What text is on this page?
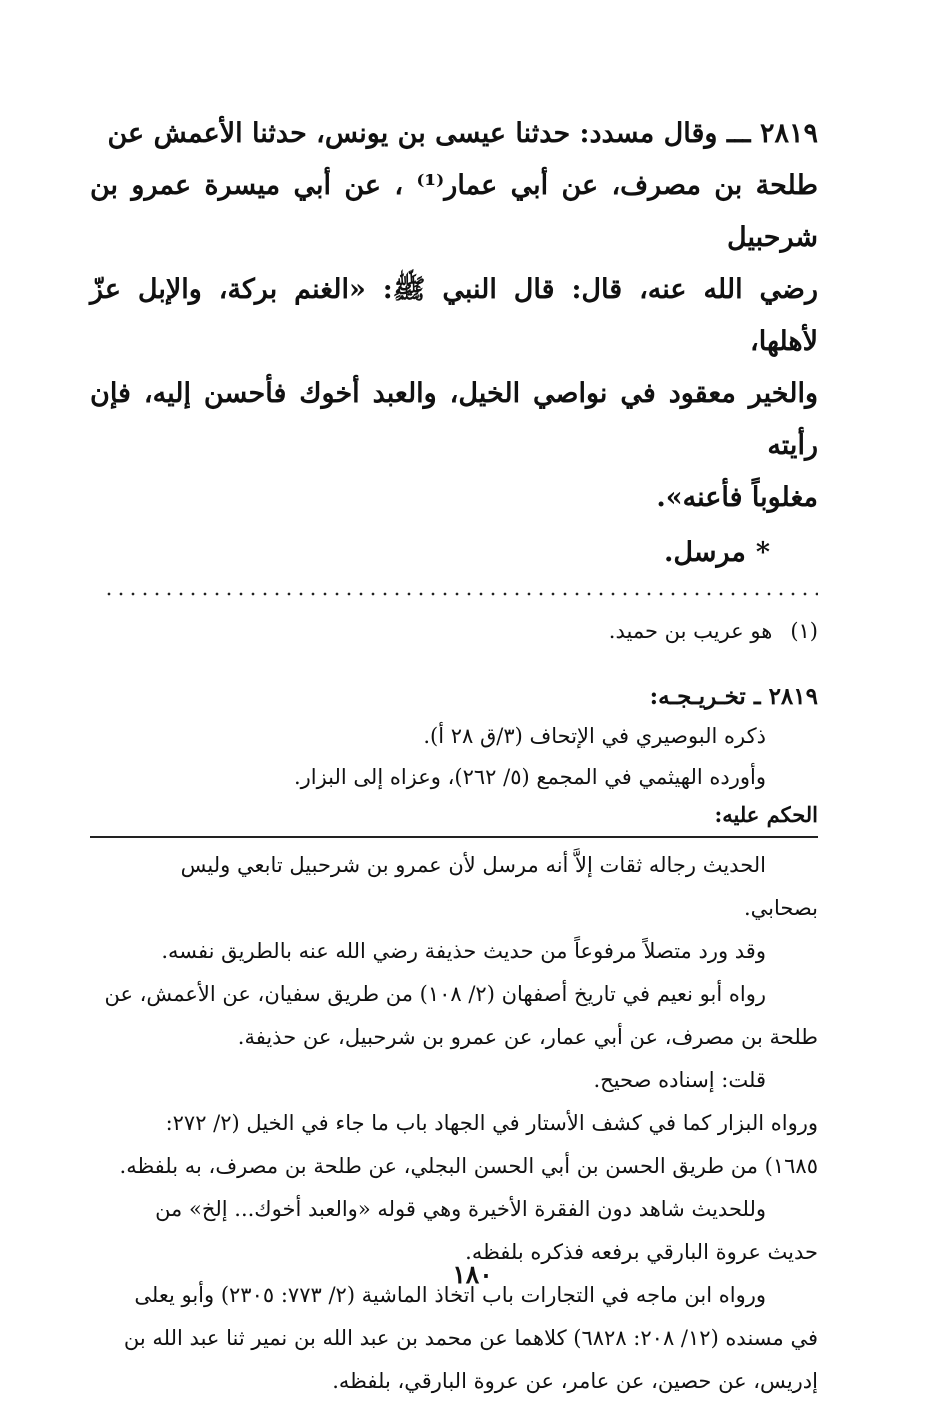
٢٨١٩ ـــ وقال مسدد: حدثنا عيسى بن يونس، حدثنا الأعمش عن

طلحة بن مصرف، عن أبي عمار⁽¹⁾ ، عن أبي ميسرة عمرو بن شرحبيل

رضي الله عنه، قال: قال النبي ﷺ: «الغنم بركة، والإبل عزّ لأهلها،

والخير معقود في نواصي الخيل، والعبد أخوك فأحسن إليه، فإن رأيته

مغلوباً فأعنه».

*مرسل.
(١)هو عريب بن حميد.
٢٨١٩ ـ تخـريـجـه:

ذكره البوصيري في الإتحاف (٣/ق ٢٨ أ).

وأورده الهيثمي في المجمع (٥/ ٢٦٢)، وعزاه إلى البزار.

الحكم عليه:

الحديث رجاله ثقات إلاَّ أنه مرسل لأن عمرو بن شرحبيل تابعي وليس

بصحابي.

وقد ورد متصلاً مرفوعاً من حديث حذيفة رضي الله عنه بالطريق نفسه.

رواه أبو نعيم في تاريخ أصفهان (٢/ ١٠٨) من طريق سفيان، عن الأعمش، عن

طلحة بن مصرف، عن أبي عمار، عن عمرو بن شرحبيل، عن حذيفة.

قلت: إسناده صحيح.

ورواه البزار كما في كشف الأستار في الجهاد باب ما جاء في الخيل (٢/ ٢٧٢:

١٦٨٥) من طريق الحسن بن أبي الحسن البجلي، عن طلحة بن مصرف، به بلفظه.

وللحديث شاهد دون الفقرة الأخيرة وهي قوله «والعبد أخوك... إلخ» من

حديث عروة البارقي برفعه فذكره بلفظه.

ورواه ابن ماجه في التجارات باب اتخاذ الماشية (٢/ ٧٧٣: ٢٣٠٥) وأبو يعلى

في مسنده (١٢/ ٢٠٨: ٦٨٢٨) كلاهما عن محمد بن عبد الله بن نمير ثنا عبد الله بن

إدريس، عن حصين، عن عامر، عن عروة البارقي، بلفظه.

١٨٠
